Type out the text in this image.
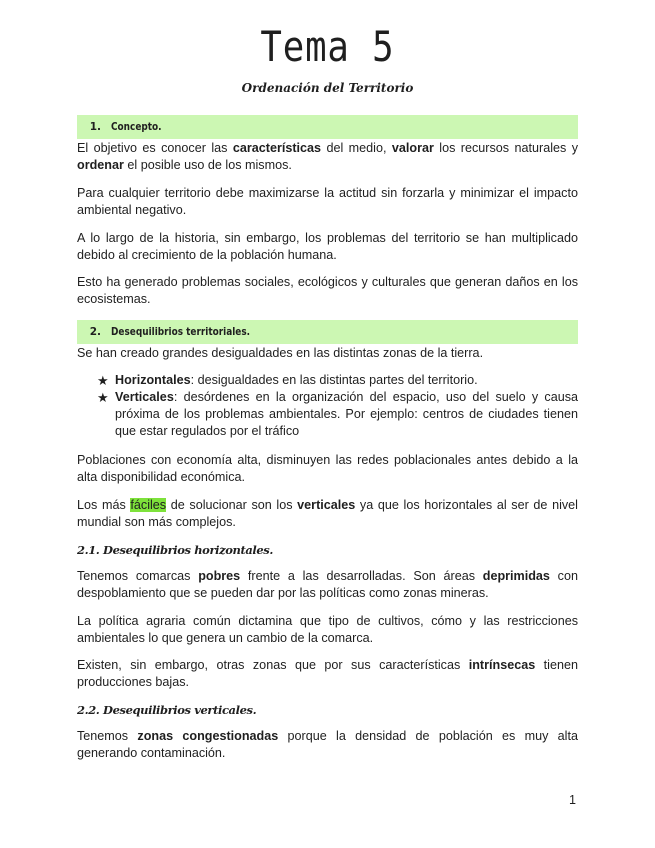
Tema 5
Ordenación del Territorio
1. Concepto.

El objetivo es conocer las características del medio, valorar los recursos naturales y ordenar el posible uso de los mismos.

Para cualquier territorio debe maximizarse la actitud sin forzarla y minimizar el impacto ambiental negativo.

A lo largo de la historia, sin embargo, los problemas del territorio se han multiplicado debido al crecimiento de la población humana.

Esto ha generado problemas sociales, ecológicos y culturales que generan daños en los ecosistemas.

2. Desequilibrios territoriales.

Se han creado grandes desigualdades en las distintas zonas de la tierra.

★ Horizontales: desigualdades en las distintas partes del territorio.
★ Verticales: desórdenes en la organización del espacio, uso del suelo y causa próxima de los problemas ambientales. Por ejemplo: centros de ciudades tienen que estar regulados por el tráfico

Poblaciones con economía alta, disminuyen las redes poblacionales antes debido a la alta disponibilidad económica.

Los más fáciles de solucionar son los verticales ya que los horizontales al ser de nivel mundial son más complejos.

2.1. Desequilibrios horizontales.

Tenemos comarcas pobres frente a las desarrolladas. Son áreas deprimidas con despoblamiento que se pueden dar por las políticas como zonas mineras.

La política agraria común dictamina que tipo de cultivos, cómo y las restricciones ambientales lo que genera un cambio de la comarca.

Existen, sin embargo, otras zonas que por sus características intrínsecas tienen producciones bajas.

2.2. Desequilibrios verticales.

Tenemos zonas congestionadas porque la densidad de población es muy alta generando contaminación.

1
